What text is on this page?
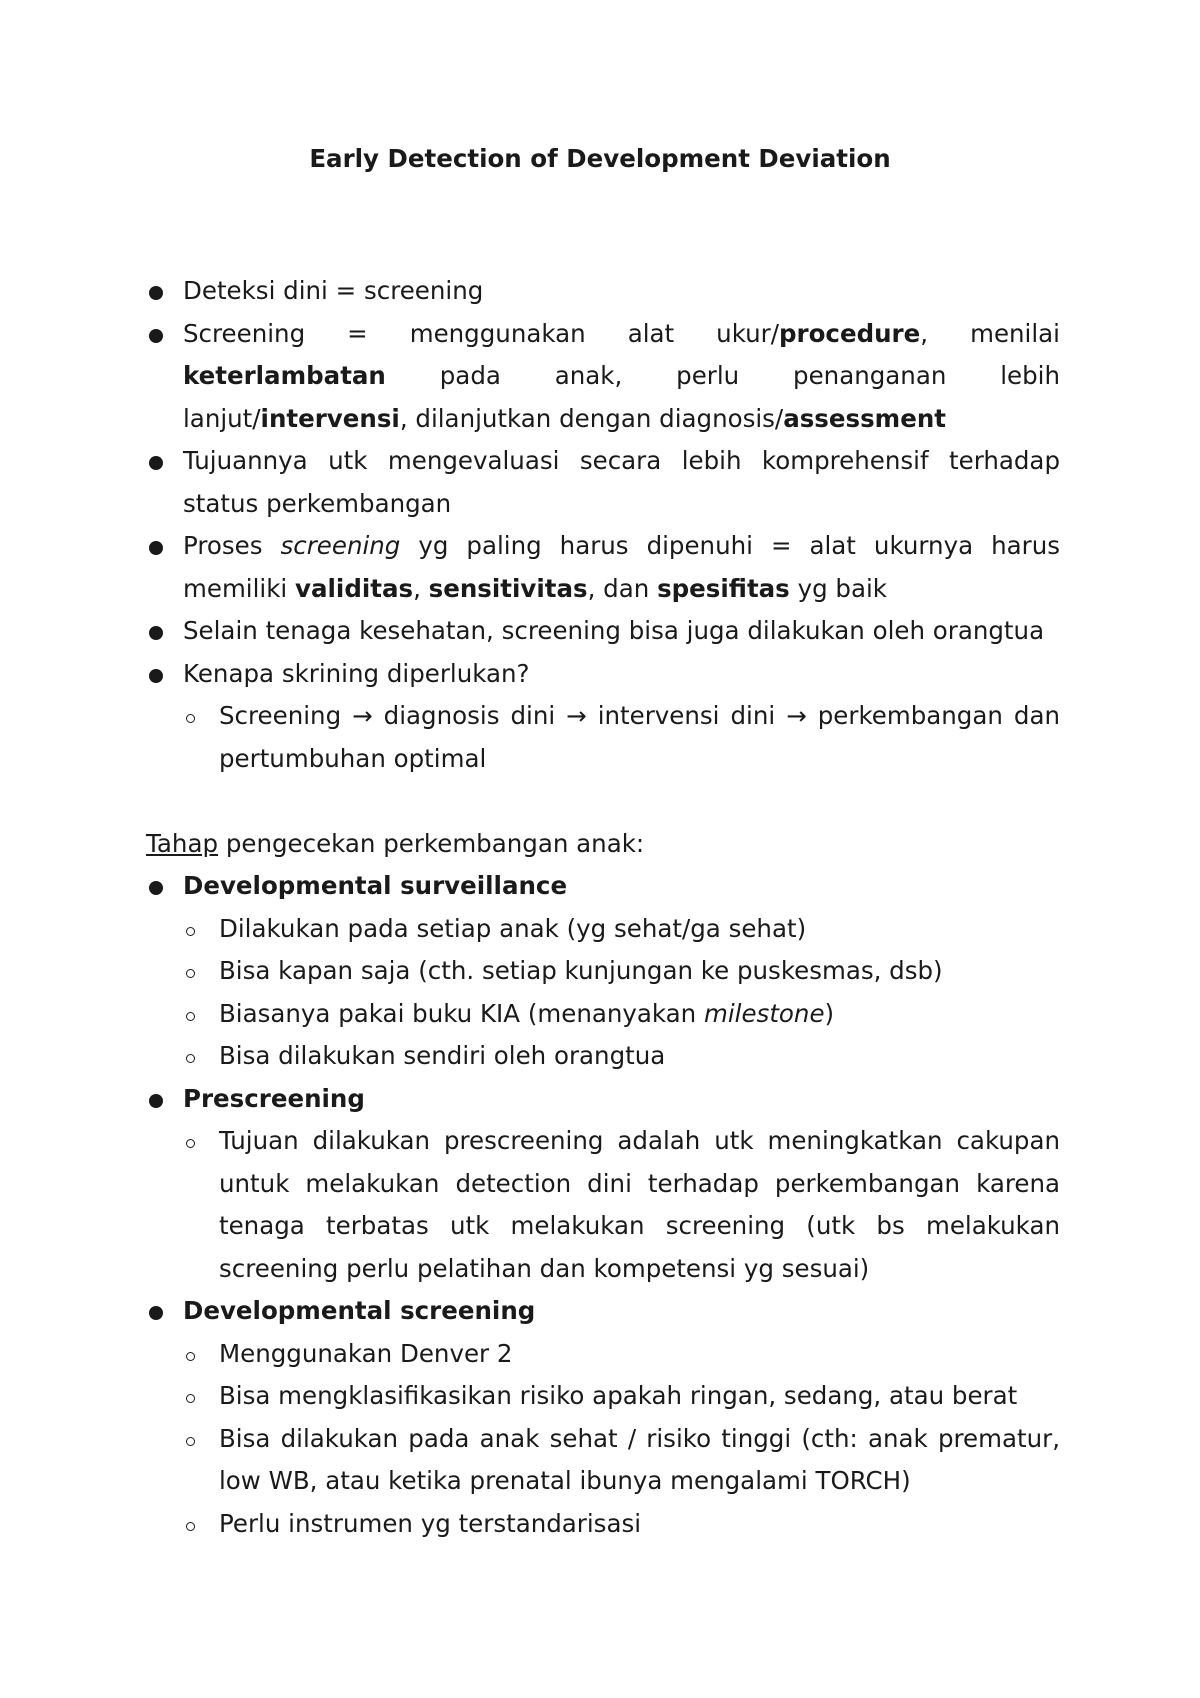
Early Detection of Development Deviation
Deteksi dini = screening
Screening = menggunakan alat ukur/procedure, menilai keterlambatan pada anak, perlu penanganan lebih lanjut/intervensi, dilanjutkan dengan diagnosis/assessment
Tujuannya utk mengevaluasi secara lebih komprehensif terhadap status perkembangan
Proses screening yg paling harus dipenuhi = alat ukurnya harus memiliki validitas, sensitivitas, dan spesifitas yg baik
Selain tenaga kesehatan, screening bisa juga dilakukan oleh orangtua
Kenapa skrining diperlukan?
Screening → diagnosis dini → intervensi dini → perkembangan dan pertumbuhan optimal
Tahap pengecekan perkembangan anak:
Developmental surveillance
Dilakukan pada setiap anak (yg sehat/ga sehat)
Bisa kapan saja (cth. setiap kunjungan ke puskesmas, dsb)
Biasanya pakai buku KIA (menanyakan milestone)
Bisa dilakukan sendiri oleh orangtua
Prescreening
Tujuan dilakukan prescreening adalah utk meningkatkan cakupan untuk melakukan detection dini terhadap perkembangan karena tenaga terbatas utk melakukan screening (utk bs melakukan screening perlu pelatihan dan kompetensi yg sesuai)
Developmental screening
Menggunakan Denver 2
Bisa mengklasifikasikan risiko apakah ringan, sedang, atau berat
Bisa dilakukan pada anak sehat / risiko tinggi (cth: anak prematur, low WB, atau ketika prenatal ibunya mengalami TORCH)
Perlu instrumen yg terstandarisasi
